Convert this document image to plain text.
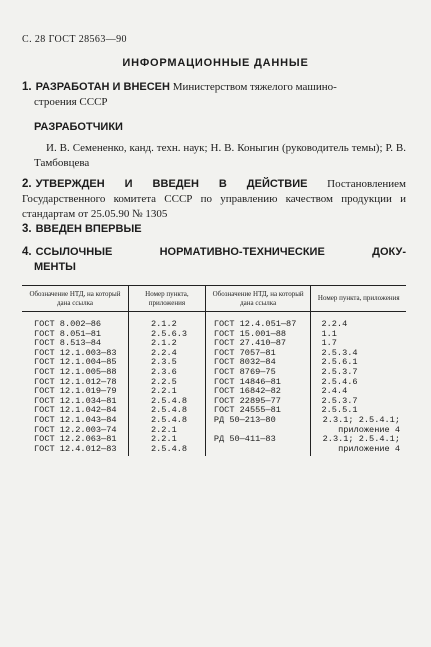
С. 28 ГОСТ 28563—90
ИНФОРМАЦИОННЫЕ ДАННЫЕ
1. РАЗРАБОТАН И ВНЕСЕН Министерством тяжелого машино-
строения СССР
РАЗРАБОТЧИКИ
И. В. Семененко, канд. техн. наук; Н. В. Коныгин (руководитель темы); Р. В. Тамбовцева
2. УТВЕРЖДЕН И ВВЕДЕН В ДЕЙСТВИЕ Постановлением Государственного комитета СССР по управлению качеством продукции и стандартам от 25.05.90 № 1305
3. ВВЕДЕН ВПЕРВЫЕ
4. ССЫЛОЧНЫЕ	НОРМАТИВНО-ТЕХНИЧЕСКИЕ	ДОКУ-
МЕНТЫ
Обозначение НТД, на который дана ссылка	Номер пункта, приложения	Обозначение НТД, на который дана ссылка	Номер пункта, приложения
ГОСТ 8.002—86	2.1.2	ГОСТ 12.4.051—87	2.2.4
ГОСТ 8.051—81	2.5.6.3	ГОСТ 15.001—88	1.1
ГОСТ 8.513—84	2.1.2	ГОСТ 27.410—87	1.7
ГОСТ 12.1.003—83	2.2.4	ГОСТ 7057—81	2.5.3.4
ГОСТ 12.1.004—85	2.3.5	ГОСТ 8032—84	2.5.6.1
ГОСТ 12.1.005—88	2.3.6	ГОСТ 8769—75	2.5.3.7
ГОСТ 12.1.012—78	2.2.5	ГОСТ 14846—81	2.5.4.6
ГОСТ 12.1.019—79	2.2.1	ГОСТ 16842—82	2.4.4
ГОСТ 12.1.034—81	2.5.4.8	ГОСТ 22895—77	2.5.3.7
ГОСТ 12.1.042—84	2.5.4.8	ГОСТ 24555—81	2.5.5.1
ГОСТ 12.1.043—84	2.5.4.8	РД 50—213—80	2.3.1; 2.5.4.1;
ГОСТ 12.2.003—74	2.2.1		приложение 4
ГОСТ 12.2.063—81	2.2.1	РД 50—411—83	2.3.1; 2.5.4.1;
ГОСТ 12.4.012—83	2.5.4.8		приложение 4
